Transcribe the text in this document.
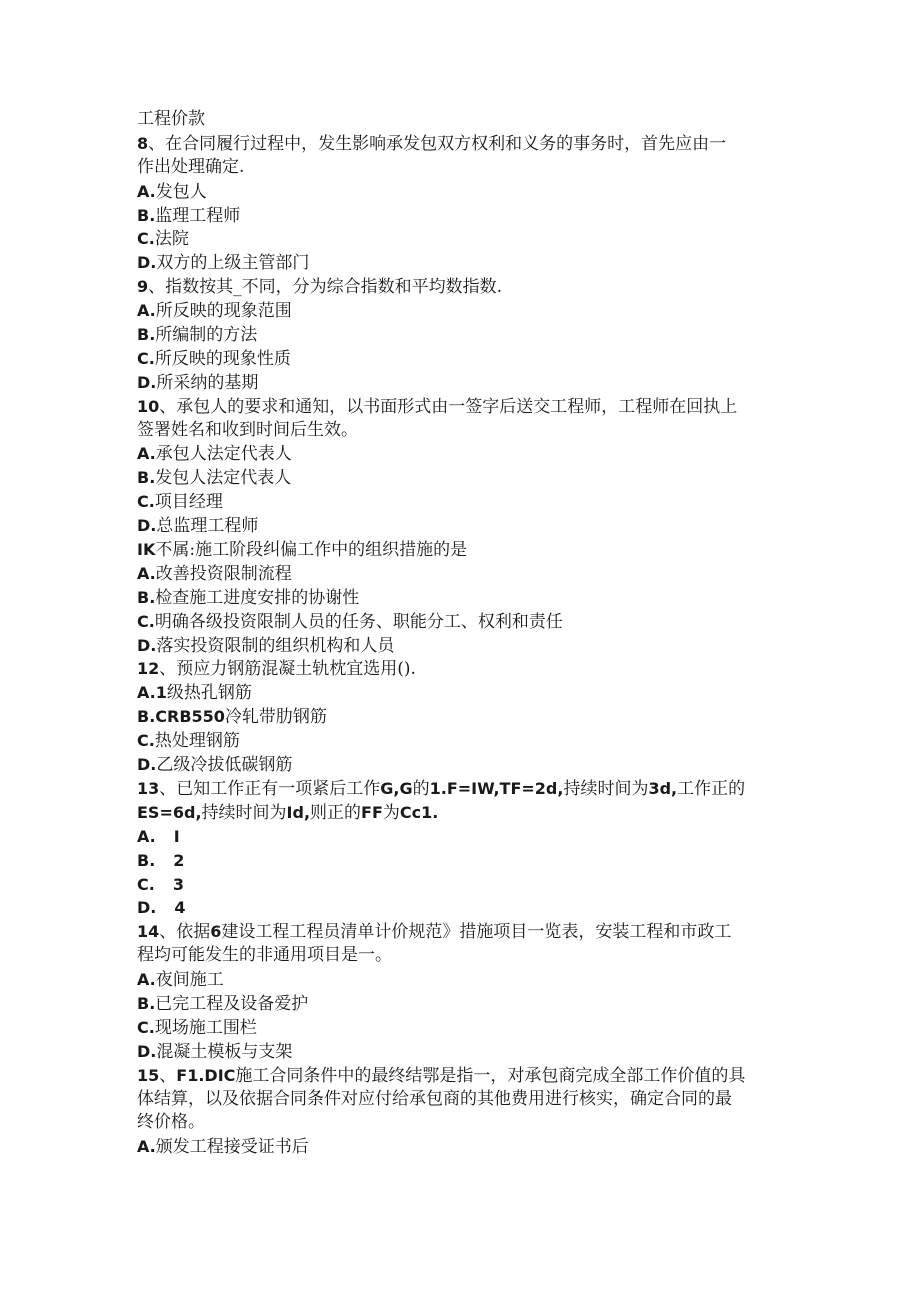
工程价款
8、在合同履行过程中，发生影响承发包双方权利和义务的事务时，首先应由一
作出处理确定.
A.发包人
B.监理工程师
C.法院
D.双方的上级主管部门
9、指数按其_不同，分为综合指数和平均数指数.
A.所反映的现象范围
B.所编制的方法
C.所反映的现象性质
D.所采纳的基期
10、承包人的要求和通知，以书面形式由一签字后送交工程师，工程师在回执上
签署姓名和收到时间后生效。
A.承包人法定代表人
B.发包人法定代表人
C.项目经理
D.总监理工程师
IK不属:施工阶段纠偏工作中的组织措施的是
A.改善投资限制流程
B.检查施工进度安排的协谢性
C.明确各级投资限制人员的任务、职能分工、权利和责任
D.落实投资限制的组织机构和人员
12、预应力钢筋混凝土轨枕宜选用().
A.1级热孔钢筋
B.CRB550冷轧带肋钢筋
C.热处理钢筋
D.乙级冷拔低碳钢筋
13、已知工作正有一项紧后工作G,G的1.F=IW,TF=2d,持续时间为3d,工作正的
ES=6d,持续时间为Id,则正的FF为Cc1.
A. I
B. 2
C. 3
D. 4
14、依据6建设工程工程员清单计价规范》措施项目一览表，安装工程和市政工
程均可能发生的非通用项目是一。
A.夜间施工
B.已完工程及设备爱护
C.现场施工围栏
D.混凝土模板与支架
15、F1.DIC施工合同条件中的最终结鄂是指一，对承包商完成全部工作价值的具
体结算，以及依据合同条件对应付给承包商的其他费用进行核实，确定合同的最
终价格。
A.颁发工程接受证书后
